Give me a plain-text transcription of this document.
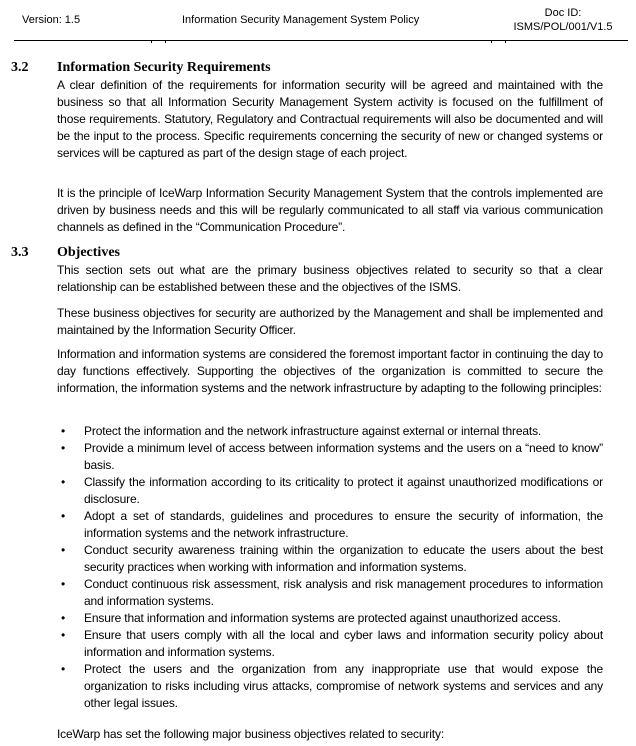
Version: 1.5	Information Security Management System Policy
Doc ID:
ISMS/POL/001/V1.5
3.2 Information Security Requirements

A clear definition of the requirements for information security will be agreed and maintained with the business so that all Information Security Management System activity is focused on the fulfillment of those requirements. Statutory, Regulatory and Contractual requirements will also be documented and will be the input to the process. Specific requirements concerning the security of new or changed systems or services will be captured as part of the design stage of each project.

It is the principle of IceWarp Information Security Management System that the controls implemented are driven by business needs and this will be regularly communicated to all staff via various communication channels as defined in the “Communication Procedure”.

3.3 Objectives

This section sets out what are the primary business objectives related to security so that a clear relationship can be established between these and the objectives of the ISMS.

These business objectives for security are authorized by the Management and shall be implemented and maintained by the Information Security Officer.

Information and information systems are considered the foremost important factor in continuing the day to day functions effectively. Supporting the objectives of the organization is committed to secure the information, the information systems and the network infrastructure by adapting to the following principles:

• Protect the information and the network infrastructure against external or internal threats.
• Provide a minimum level of access between information systems and the users on a “need to know” basis.
• Classify the information according to its criticality to protect it against unauthorized modifications or disclosure.
• Adopt a set of standards, guidelines and procedures to ensure the security of information, the information systems and the network infrastructure.
• Conduct security awareness training within the organization to educate the users about the best security practices when working with information and information systems.
• Conduct continuous risk assessment, risk analysis and risk management procedures to information and information systems.
• Ensure that information and information systems are protected against unauthorized access.
• Ensure that users comply with all the local and cyber laws and information security policy about information and information systems.
• Protect the users and the organization from any inappropriate use that would expose the organization to risks including virus attacks, compromise of network systems and services and any other legal issues.

IceWarp has set the following major business objectives related to security:
